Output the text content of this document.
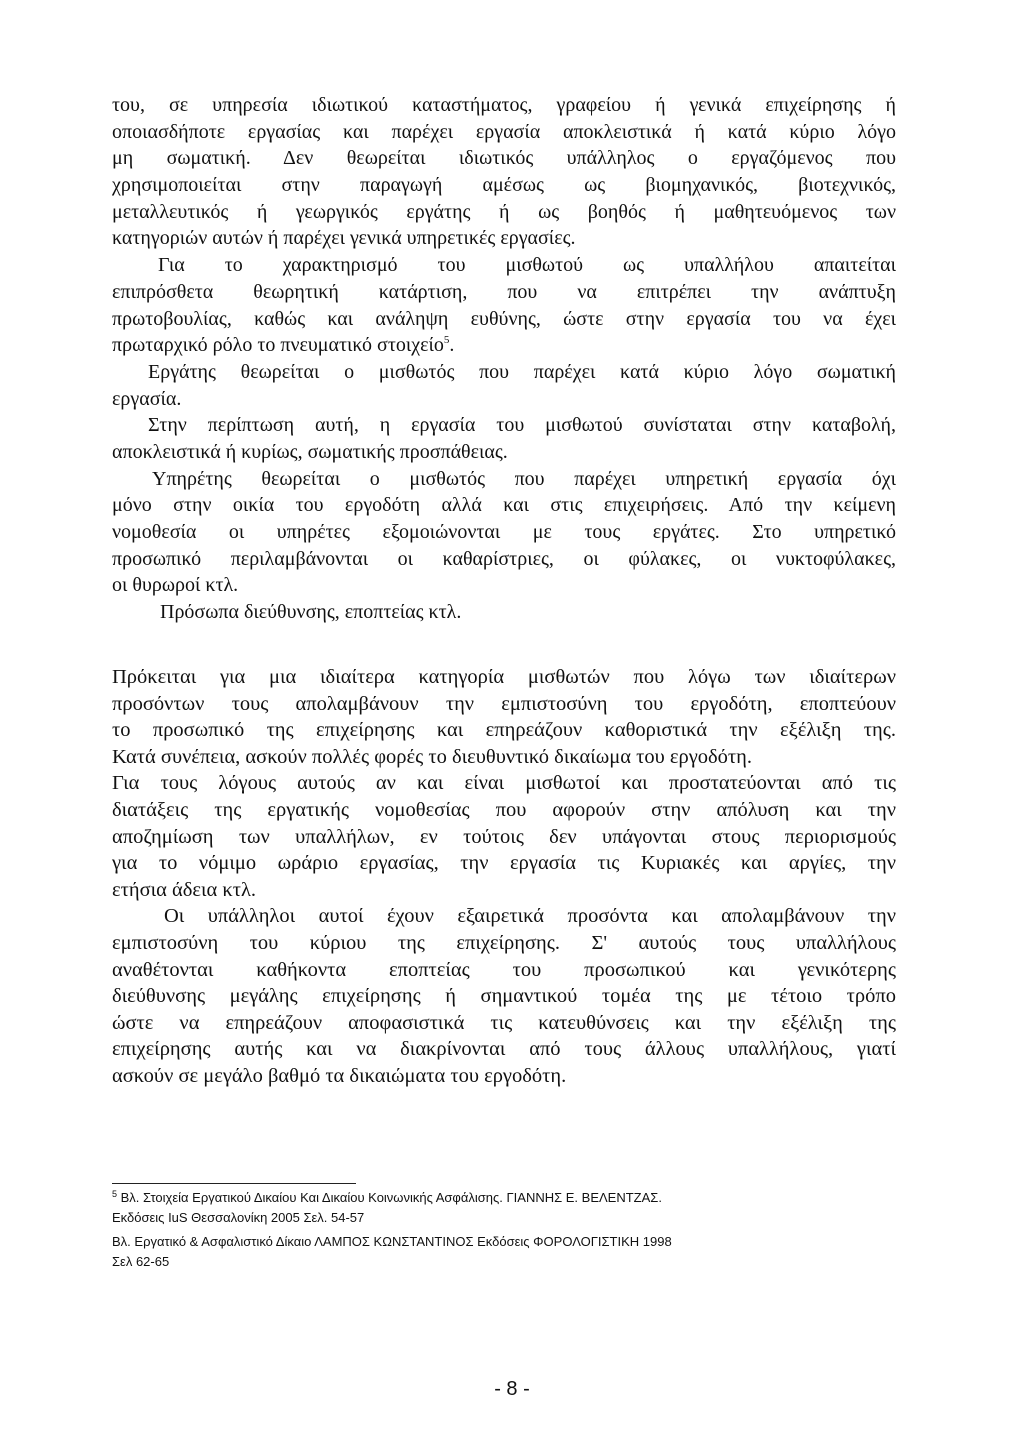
του, σε υπηρεσία ιδιωτικού καταστήματος, γραφείου ή γενικά επιχείρησης ή
οποιασδήποτε εργασίας και παρέχει εργασία αποκλειστικά ή κατά κύριο λόγο
μη σωματική. Δεν θεωρείται ιδιωτικός υπάλληλος ο εργαζόμενος που
χρησιμοποιείται στην παραγωγή αμέσως ως βιομηχανικός, βιοτεχνικός,
μεταλλευτικός ή γεωργικός εργάτης ή ως βοηθός ή μαθητευόμενος των
κατηγοριών αυτών ή παρέχει γενικά υπηρετικές εργασίες.
Για το χαρακτηρισμό του μισθωτού ως υπαλλήλου απαιτείται
επιπρόσθετα θεωρητική κατάρτιση, που να επιτρέπει την ανάπτυξη
πρωτοβουλίας, καθώς και ανάληψη ευθύνης, ώστε στην εργασία του να έχει
πρωταρχικό ρόλο το πνευματικό στοιχείο$^5$.
Εργάτης θεωρείται ο μισθωτός που παρέχει κατά κύριο λόγο σωματική
εργασία.
Στην περίπτωση αυτή, η εργασία του μισθωτού συνίσταται στην καταβολή,
αποκλειστικά ή κυρίως, σωματικής προσπάθειας.
Υπηρέτης θεωρείται ο μισθωτός που παρέχει υπηρετική εργασία όχι
μόνο στην οικία του εργοδότη αλλά και στις επιχειρήσεις. Από την κείμενη
νομοθεσία οι υπηρέτες εξομοιώνονται με τους εργάτες. Στο υπηρετικό
προσωπικό περιλαμβάνονται οι καθαρίστριες, οι φύλακες, οι νυκτοφύλακες,
οι θυρωροί κτλ.
Πρόσωπα διεύθυνσης, εποπτείας κτλ.
Πρόκειται για μια ιδιαίτερα κατηγορία μισθωτών που λόγω των ιδιαίτερων
προσόντων τους απολαμβάνουν την εμπιστοσύνη του εργοδότη, εποπτεύουν
το προσωπικό της επιχείρησης και επηρεάζουν καθοριστικά την εξέλιξη της.
Κατά συνέπεια, ασκούν πολλές φορές το διευθυντικό δικαίωμα του εργοδότη.
Για τους λόγους αυτούς αν και είναι μισθωτοί και προστατεύονται από τις
διατάξεις της εργατικής νομοθεσίας που αφορούν στην απόλυση και την
αποζημίωση των υπαλλήλων, εν τούτοις δεν υπάγονται στους περιορισμούς
για το νόμιμο ωράριο εργασίας, την εργασία τις Κυριακές και αργίες, την
ετήσια άδεια κτλ.
Οι υπάλληλοι αυτοί έχουν εξαιρετικά προσόντα και απολαμβάνουν την
εμπιστοσύνη του κύριου της επιχείρησης. Σ' αυτούς τους υπαλλήλους
αναθέτονται καθήκοντα εποπτείας του προσωπικού και γενικότερης
διεύθυνσης μεγάλης επιχείρησης ή σημαντικού τομέα της με τέτοιο τρόπο
ώστε να επηρεάζουν αποφασιστικά τις κατευθύνσεις και την εξέλιξη της
επιχείρησης αυτής και να διακρίνονται από τους άλλους υπαλλήλους, γιατί
ασκούν σε μεγάλο βαθμό τα δικαιώματα του εργοδότη.
$^5$ Βλ. Στοιχεία Εργατικού Δικαίου Και Δικαίου Κοινωνικής Ασφάλισης. ΓΙΑΝΝΗΣ Ε. ΒΕΛΕΝΤΖΑΣ.
Εκδόσεις IuS Θεσσαλονίκη 2005 Σελ. 54-57
Βλ. Εργατικό & Ασφαλιστικό Δίκαιο ΛΑΜΠΟΣ ΚΩΝΣΤΑΝΤΙΝΟΣ Εκδόσεις ΦΟΡΟΛΟΓΙΣΤΙΚΗ 1998
Σελ 62-65
- 8 -
